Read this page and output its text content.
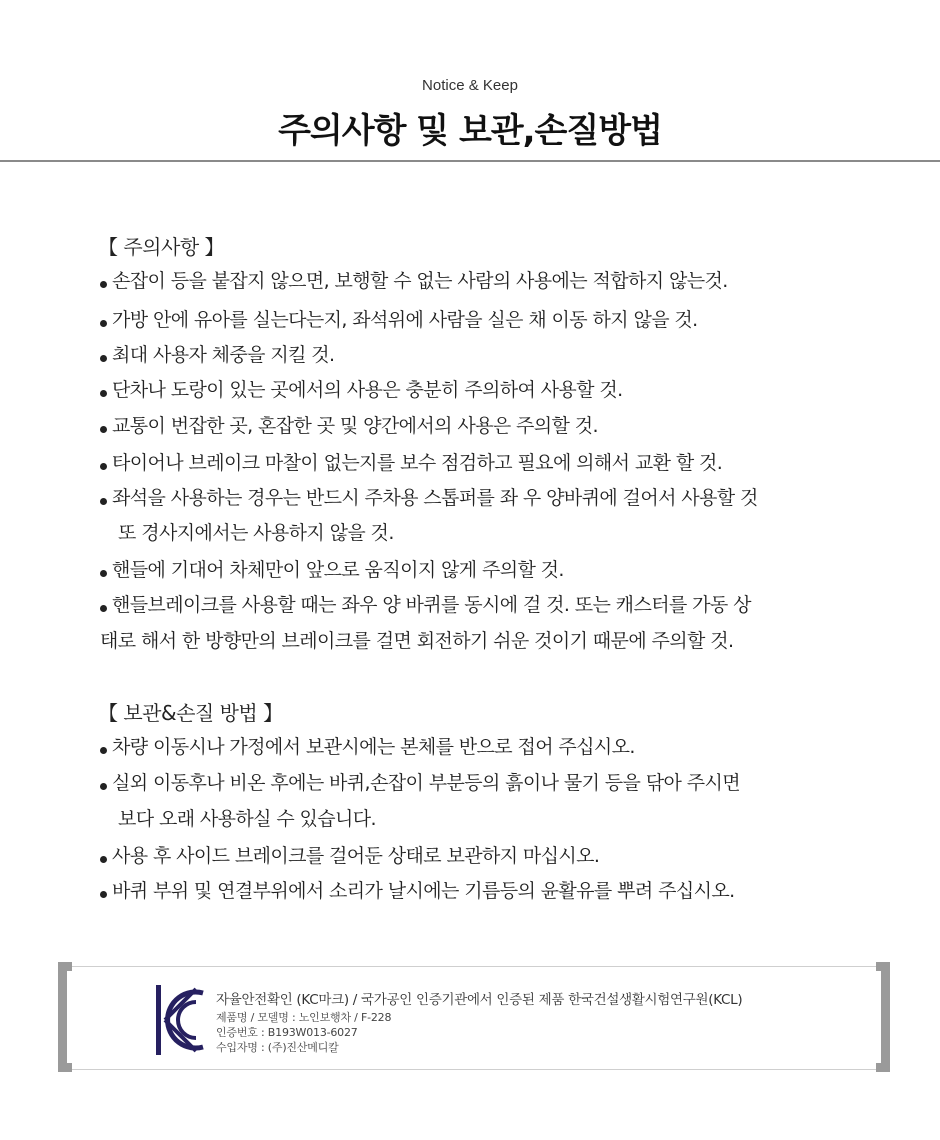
Notice & Keep
주의사항 및 보관,손질방법
【 주의사항 】
손잡이 등을 붙잡지 않으면, 보행할 수 없는 사람의 사용에는 적합하지 않는것.
가방 안에 유아를 실는다는지, 좌석위에 사람을 실은 채 이동 하지 않을 것.
최대 사용자 체중을 지킬 것.
단차나 도랑이 있는 곳에서의 사용은 충분히 주의하여 사용할 것.
교통이 번잡한 곳, 혼잡한 곳 및 양간에서의 사용은 주의할 것.
타이어나 브레이크 마찰이 없는지를 보수 점검하고 필요에 의해서 교환 할 것.
좌석을 사용하는 경우는 반드시 주차용 스톱퍼를 좌 우 양바퀴에 걸어서 사용할 것
또 경사지에서는 사용하지 않을 것.
핸들에 기대어 차체만이 앞으로 움직이지 않게 주의할 것.
핸들브레이크를 사용할 때는 좌우 양 바퀴를 동시에 걸 것. 또는 캐스터를 가동 상
태로 해서 한 방향만의 브레이크를 걸면 회전하기 쉬운 것이기 때문에 주의할 것.
【 보관&손질 방법 】
차량 이동시나 가정에서 보관시에는 본체를 반으로 접어 주십시오.
실외 이동후나 비온 후에는 바퀴,손잡이 부분등의 흙이나 물기 등을 닦아 주시면
보다 오래 사용하실 수 있습니다.
사용 후 사이드 브레이크를 걸어둔 상태로 보관하지 마십시오.
바퀴 부위 및 연결부위에서 소리가 날시에는 기름등의 윤활유를 뿌려 주십시오.
자율안전확인 (KC마크) / 국가공인 인증기관에서 인증된 제품 한국건설생활시험연구원(KCL)
제품명 / 모델명 : 노인보행차 / F-228
인증번호 : B193W013-6027
수입자명 : (주)진산메디칼
